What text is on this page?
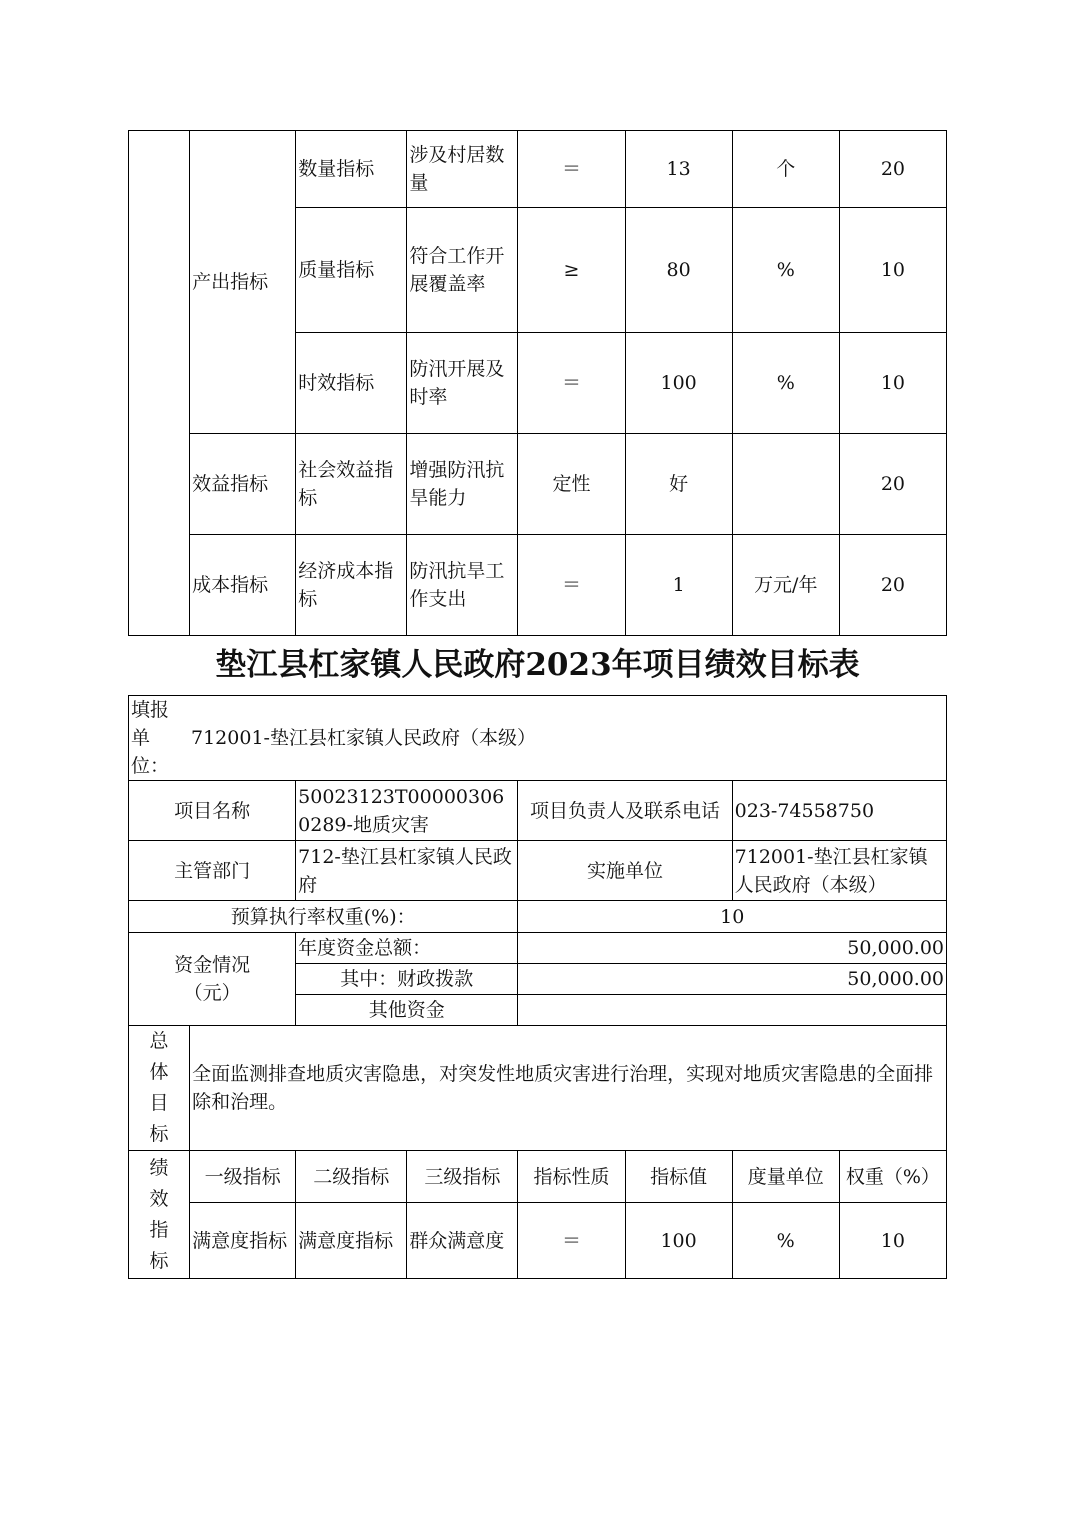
	产出指标	数量指标	涉及村居数量	＝	13	个	20
		质量指标	符合工作开展覆盖率	≥	80	%	10
		时效指标	防汛开展及时率	＝	100	%	10
	效益指标	社会效益指标	增强防汛抗旱能力	定性	好		20
	成本指标	经济成本指标	防汛抗旱工作支出	＝	1	万元/年	20
垫江县杠家镇人民政府2023年项目绩效目标表
填报单位：
712001-垫江县杠家镇人民政府（本级）							

项目名称		50023123T000003060289-地质灾害		项目负责人及联系电话		023-74558750	
主管部门		712-垫江县杠家镇人民政府		实施单位		712001-垫江县杠家镇人民政府（本级）	
预算执行率权重(%)：				10			
资金情况（元）		年度资金总额：		50,000.00			
		其中：财政拨款		50,000.00			
		其他资金					

总
体
目
标	全面监测排查地质灾害隐患，对突发性地质灾害进行治理，实现对地质灾害隐患的全面排除和治理。						

绩
效
指
标	一级指标	二级指标	三级指标	指标性质	指标值	度量单位	权重（%）
	满意度指标	满意度指标	群众满意度	＝	100	%	10
